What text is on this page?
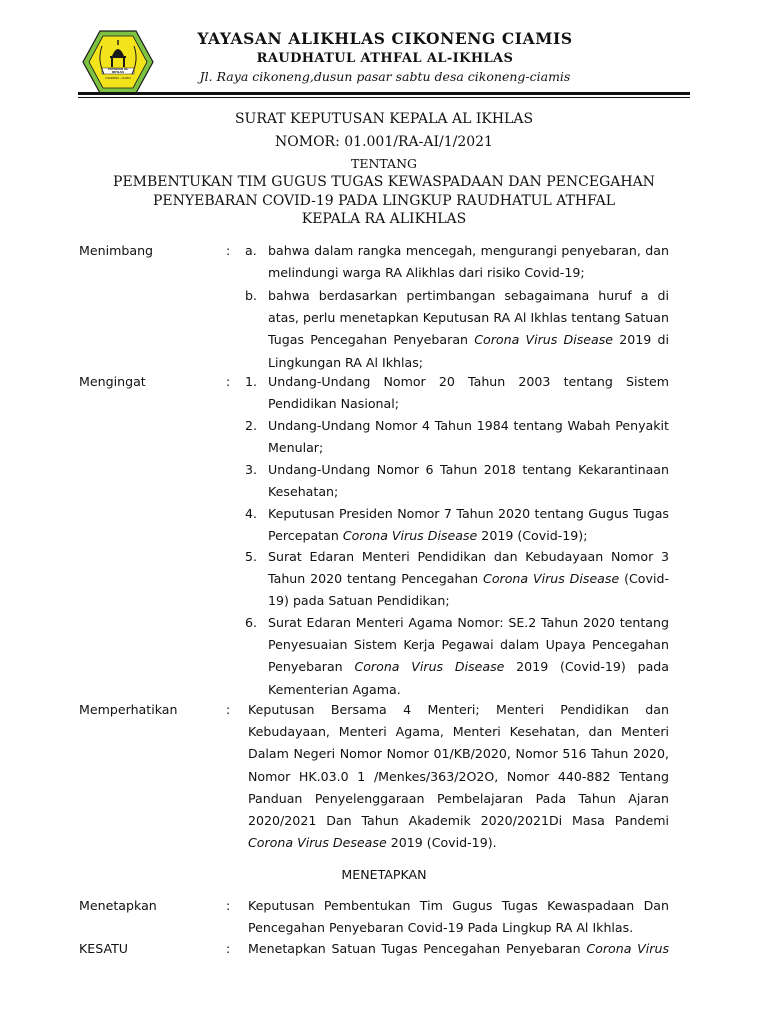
YAYASAN AL IKHLAS
CIKONENG - CIAMIS
YAYASAN ALIKHLAS CIKONENG CIAMIS
RAUDHATUL ATHFAL AL-IKHLAS
Jl. Raya cikoneng,dusun pasar sabtu desa cikoneng-ciamis
SURAT KEPUTUSAN KEPALA AL IKHLAS
NOMOR: 01.001/RA-AI/1/2021
TENTANG
PEMBENTUKAN TIM GUGUS TUGAS KEWASPADAAN DAN PENCEGAHAN
PENYEBARAN COVID-19 PADA LINGKUP RAUDHATUL ATHFAL
KEPALA RA ALIKHLAS
Menimbang	: a. bahwa dalam rangka mencegah, mengurangi penyebaran, dan melindungi warga RA Alikhlas dari risiko Covid-19;
b. bahwa berdasarkan pertimbangan sebagaimana huruf a di atas, perlu menetapkan Keputusan RA Al Ikhlas tentang Satuan Tugas Pencegahan Penyebaran Corona Virus Disease 2019 di Lingkungan RA Al Ikhlas;
Mengingat	: 1. Undang-Undang Nomor 20 Tahun 2003 tentang Sistem Pendidikan Nasional;
2. Undang-Undang Nomor 4 Tahun 1984 tentang Wabah Penyakit Menular;
3. Undang-Undang Nomor 6 Tahun 2018 tentang Kekarantinaan Kesehatan;
4. Keputusan Presiden Nomor 7 Tahun 2020 tentang Gugus Tugas Percepatan Corona Virus Disease 2019 (Covid-19);
5. Surat Edaran Menteri Pendidikan dan Kebudayaan Nomor 3 Tahun 2020 tentang Pencegahan Corona Virus Disease (Covid-19) pada Satuan Pendidikan;
6. Surat Edaran Menteri Agama Nomor: SE.2 Tahun 2020 tentang Penyesuaian Sistem Kerja Pegawai dalam Upaya Pencegahan Penyebaran Corona Virus Disease 2019 (Covid-19) pada Kementerian Agama.
Memperhatikan	: Keputusan Bersama 4 Menteri; Menteri Pendidikan dan Kebudayaan, Menteri Agama, Menteri Kesehatan, dan Menteri Dalam Negeri Nomor Nomor 01/KB/2020, Nomor 516 Tahun 2020, Nomor HK.03.0 1 /Menkes/363/2O2O, Nomor 440-882 Tentang Panduan Penyelenggaraan Pembelajaran Pada Tahun Ajaran 2020/2021 Dan Tahun Akademik 2020/2021Di Masa Pandemi Corona Virus Desease 2019 (Covid-19).
MENETAPKAN
Menetapkan	: Keputusan Pembentukan Tim Gugus Tugas Kewaspadaan Dan Pencegahan Penyebaran Covid-19 Pada Lingkup RA Al Ikhlas.
KESATU	: Menetapkan Satuan Tugas Pencegahan Penyebaran Corona Virus
